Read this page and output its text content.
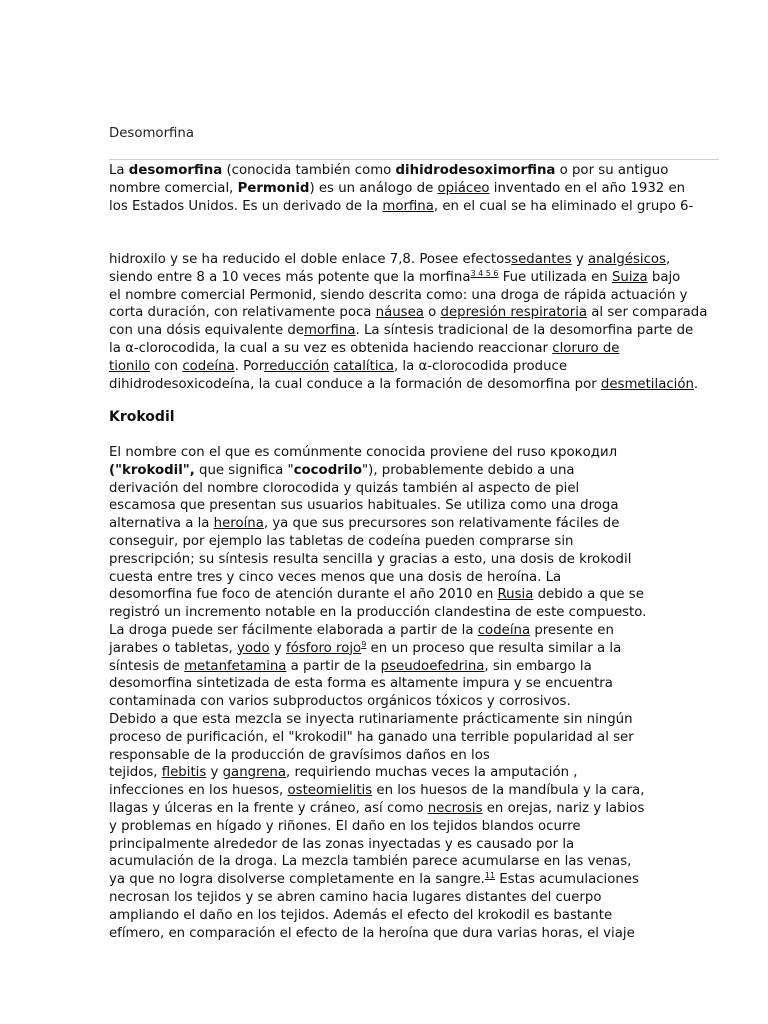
Desomorfina
La desomorfina (conocida también como dihidrodesoximorfina o por su antiguo
nombre comercial, Permonid) es un análogo de opiáceo inventado en el año 1932 en
los Estados Unidos. Es un derivado de la morfina, en el cual se ha eliminado el grupo 6-
hidroxilo y se ha reducido el doble enlace 7,8. Posee efectossedantes y analgésicos,
siendo entre 8 a 10 veces más potente que la morfina$^{3 4 5 6}$ Fue utilizada en Suiza bajo
el nombre comercial Permonid, siendo descrita como: una droga de rápida actuación y
corta duración, con relativamente poca náusea o depresión respiratoria al ser comparada
con una dósis equivalente demorfina. La síntesis tradicional de la desomorfina parte de
la α-clorocodida, la cual a su vez es obtenida haciendo reaccionar cloruro de
tionilo con codeína. Porreducción catalítica, la α-clorocodida produce
dihidrodesoxicodeína, la cual conduce a la formación de desomorfina por desmetilación.
Krokodil
El nombre con el que es comúnmente conocida proviene del ruso крокодил
("krokodil", que significa "cocodrilo"), probablemente debido a una
derivación del nombre clorocodida y quizás también al aspecto de piel
escamosa que presentan sus usuarios habituales. Se utiliza como una droga
alternativa a la heroína, ya que sus precursores son relativamente fáciles de
conseguir, por ejemplo las tabletas de codeína pueden comprarse sin
prescripción; su síntesis resulta sencilla y gracias a esto, una dosis de krokodil
cuesta entre tres y cinco veces menos que una dosis de heroína. La
desomorfina fue foco de atención durante el año 2010 en Rusia debido a que se
registró un incremento notable en la producción clandestina de este compuesto.
La droga puede ser fácilmente elaborada a partir de la codeína presente en
jarabes o tabletas, yodo y fósforo rojo$^9$ en un proceso que resulta similar a la
síntesis de metanfetamina a partir de la pseudoefedrina, sin embargo la
desomorfina sintetizada de esta forma es altamente impura y se encuentra
contaminada con varios subproductos orgánicos tóxicos y corrosivos.
Debido a que esta mezcla se inyecta rutinariamente prácticamente sin ningún
proceso de purificación, el "krokodil" ha ganado una terrible popularidad al ser
responsable de la producción de gravísimos daños en los
tejidos, flebitis y gangrena, requiriendo muchas veces la amputación ,
infecciones en los huesos, osteomielitis en los huesos de la mandíbula y la cara,
llagas y úlceras en la frente y cráneo, así como necrosis en orejas, nariz y labios
y problemas en hígado y riñones. El daño en los tejidos blandos ocurre
principalmente alrededor de las zonas inyectadas y es causado por la
acumulación de la droga. La mezcla también parece acumularse en las venas,
ya que no logra disolverse completamente en la sangre.$^{11}$ Estas acumulaciones
necrosan los tejidos y se abren camino hacia lugares distantes del cuerpo
ampliando el daño en los tejidos. Además el efecto del krokodil es bastante
efímero, en comparación el efecto de la heroína que dura varias horas, el viaje
